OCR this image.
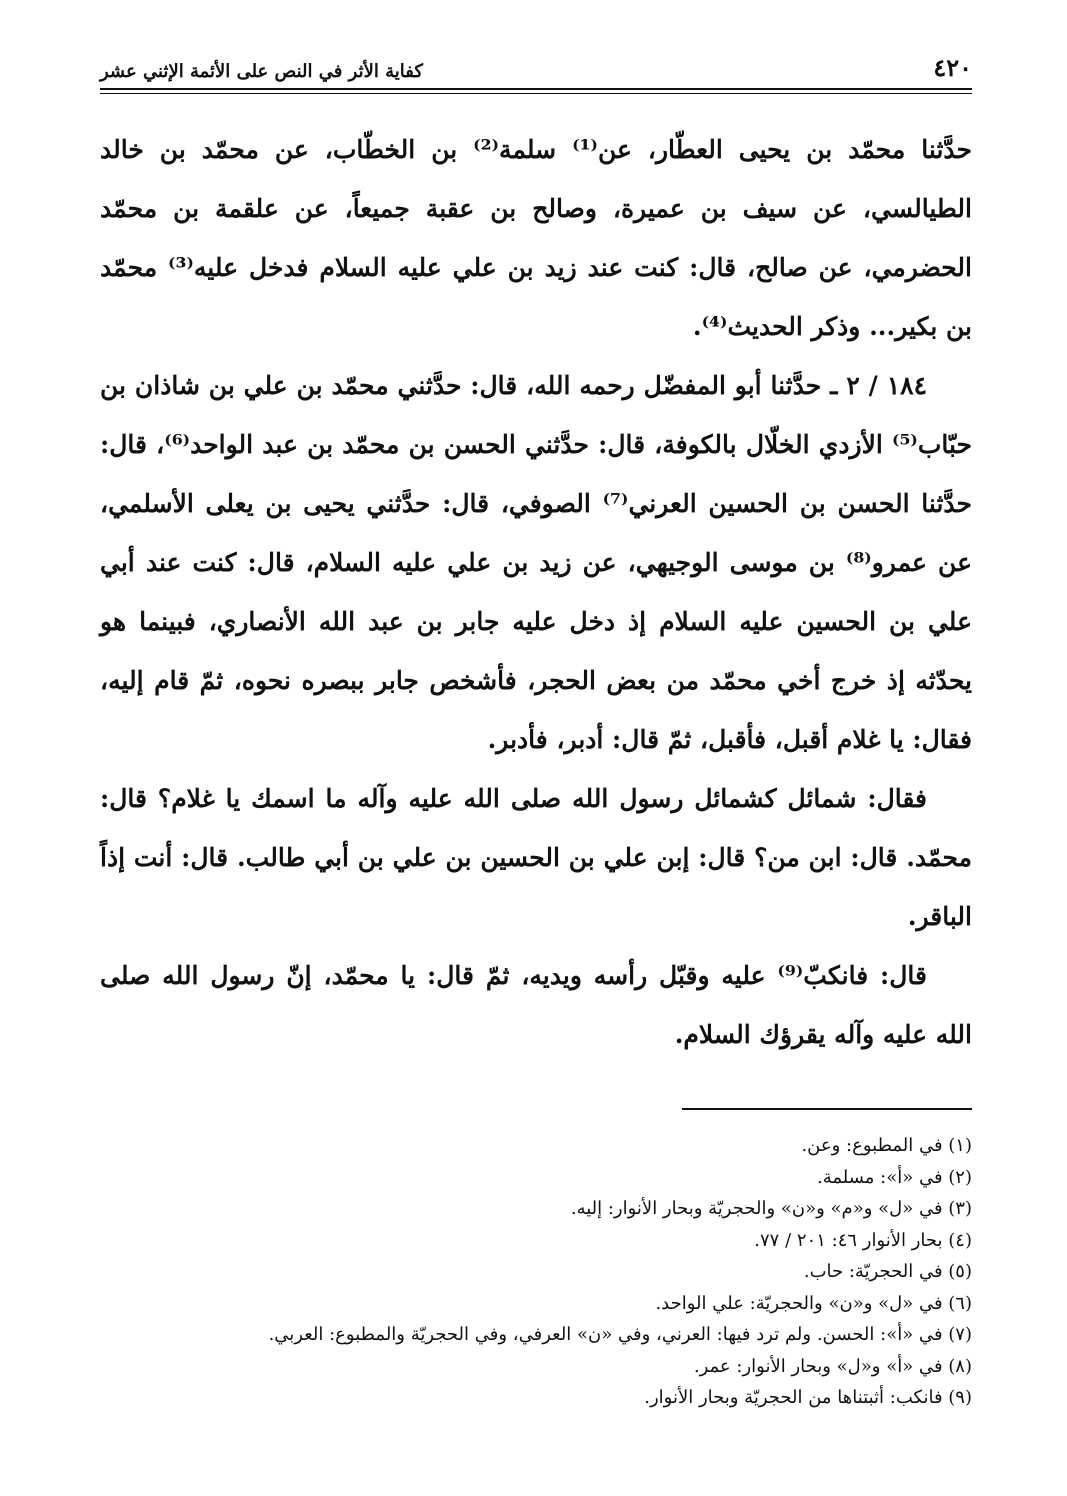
٤٢٠
كفاية الأثر في النص على الأئمة الإثني عشر

حدَّثنا محمّد بن يحيى العطّار، عن⁽¹⁾ سلمة⁽²⁾ بن الخطّاب، عن محمّد بن خالد الطيالسي، عن سيف بن عميرة، وصالح بن عقبة جميعاً، عن علقمة بن محمّد الحضرمي، عن صالح، قال: كنت عند زيد بن علي عليه السلام فدخل عليه⁽³⁾ محمّد بن بكير... وذكر الحديث⁽⁴⁾.

١٨٤ / ٢ ـ حدَّثنا أبو المفضّل رحمه الله، قال: حدَّثني محمّد بن علي بن شاذان بن حبّاب⁽⁵⁾ الأزدي الخلّال بالكوفة، قال: حدَّثني الحسن بن محمّد بن عبد الواحد⁽⁶⁾، قال: حدَّثنا الحسن بن الحسين العرني⁽⁷⁾ الصوفي، قال: حدَّثني يحيى بن يعلى الأسلمي، عن عمرو⁽⁸⁾ بن موسى الوجيهي، عن زيد بن علي عليه السلام، قال: كنت عند أبي علي بن الحسين عليه السلام إذ دخل عليه جابر بن عبد الله الأنصاري، فبينما هو يحدّثه إذ خرج أخي محمّد من بعض الحجر، فأشخص جابر ببصره نحوه، ثمّ قام إليه، فقال: يا غلام أقبل، فأقبل، ثمّ قال: أدبر، فأدبر.

فقال: شمائل كشمائل رسول الله صلى الله عليه وآله ما اسمك يا غلام؟ قال: محمّد. قال: ابن من؟ قال: إبن علي بن الحسين بن علي بن أبي طالب. قال: أنت إذاً الباقر.

قال: فانكبّ⁽⁹⁾ عليه وقبّل رأسه ويديه، ثمّ قال: يا محمّد، إنّ رسول الله صلى الله عليه وآله يقرؤك السلام.

(١) في المطبوع: وعن.

(٢) في «أ»: مسلمة.

(٣) في «ل» و«م» و«ن» والحجريّة وبحار الأنوار: إليه.

(٤) بحار الأنوار ٤٦: ٢٠١ / ٧٧.

(٥) في الحجريّة: حاب.

(٦) في «ل» و«ن» والحجريّة: علي الواحد.

(٧) في «أ»: الحسن. ولم ترد فيها: العرني، وفي «ن» العرفي، وفي الحجريّة والمطبوع: العربي.

(٨) في «أ» و«ل» وبحار الأنوار: عمر.

(٩) فانكب: أثبتناها من الحجريّة وبحار الأنوار.
